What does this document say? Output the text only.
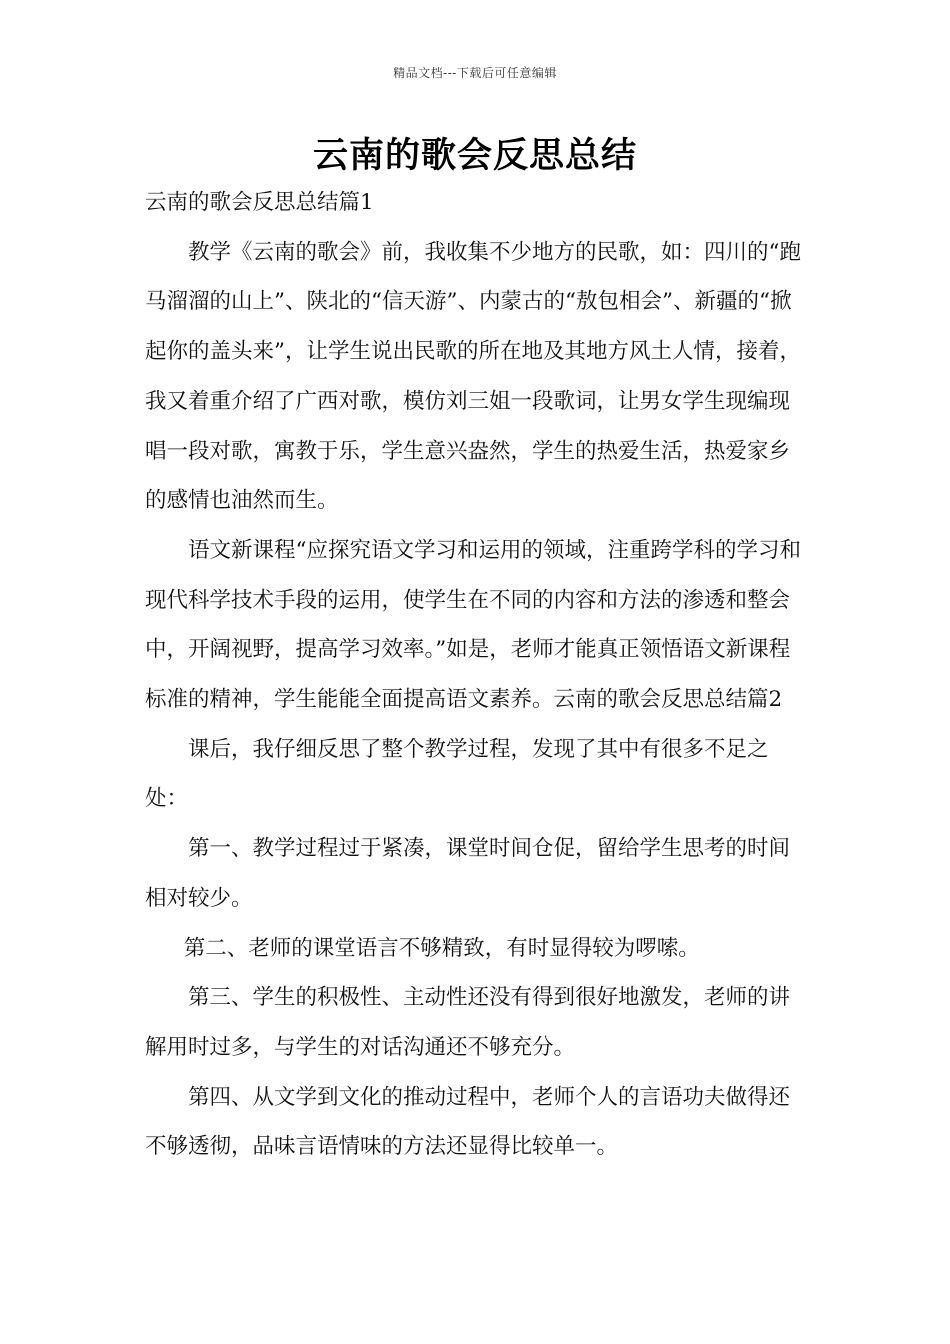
精品文档---下载后可任意编辑
云南的歌会反思总结

云南的歌会反思总结篇1

教学《云南的歌会》前，我收集不少地方的民歌，如：四川的“跑马溜溜的山上”、陕北的“信天游”、内蒙古的“敖包相会”、新疆的“掀起你的盖头来”，让学生说出民歌的所在地及其地方风土人情，接着，我又着重介绍了广西对歌，模仿刘三姐一段歌词，让男女学生现编现唱一段对歌，寓教于乐，学生意兴盎然，学生的热爱生活，热爱家乡的感情也油然而生。

语文新课程“应探究语文学习和运用的领域，注重跨学科的学习和现代科学技术手段的运用，使学生在不同的内容和方法的渗透和整会中，开阔视野，提高学习效率。”如是，老师才能真正领悟语文新课程标准的精神，学生能能全面提高语文素养。云南的歌会反思总结篇2

课后，我仔细反思了整个教学过程，发现了其中有很多不足之处：

第一、教学过程过于紧凑，课堂时间仓促，留给学生思考的时间相对较少。

第二、老师的课堂语言不够精致，有时显得较为啰嗦。

第三、学生的积极性、主动性还没有得到很好地激发，老师的讲解用时过多，与学生的对话沟通还不够充分。

第四、从文学到文化的推动过程中，老师个人的言语功夫做得还不够透彻，品味言语情味的方法还显得比较单一。
